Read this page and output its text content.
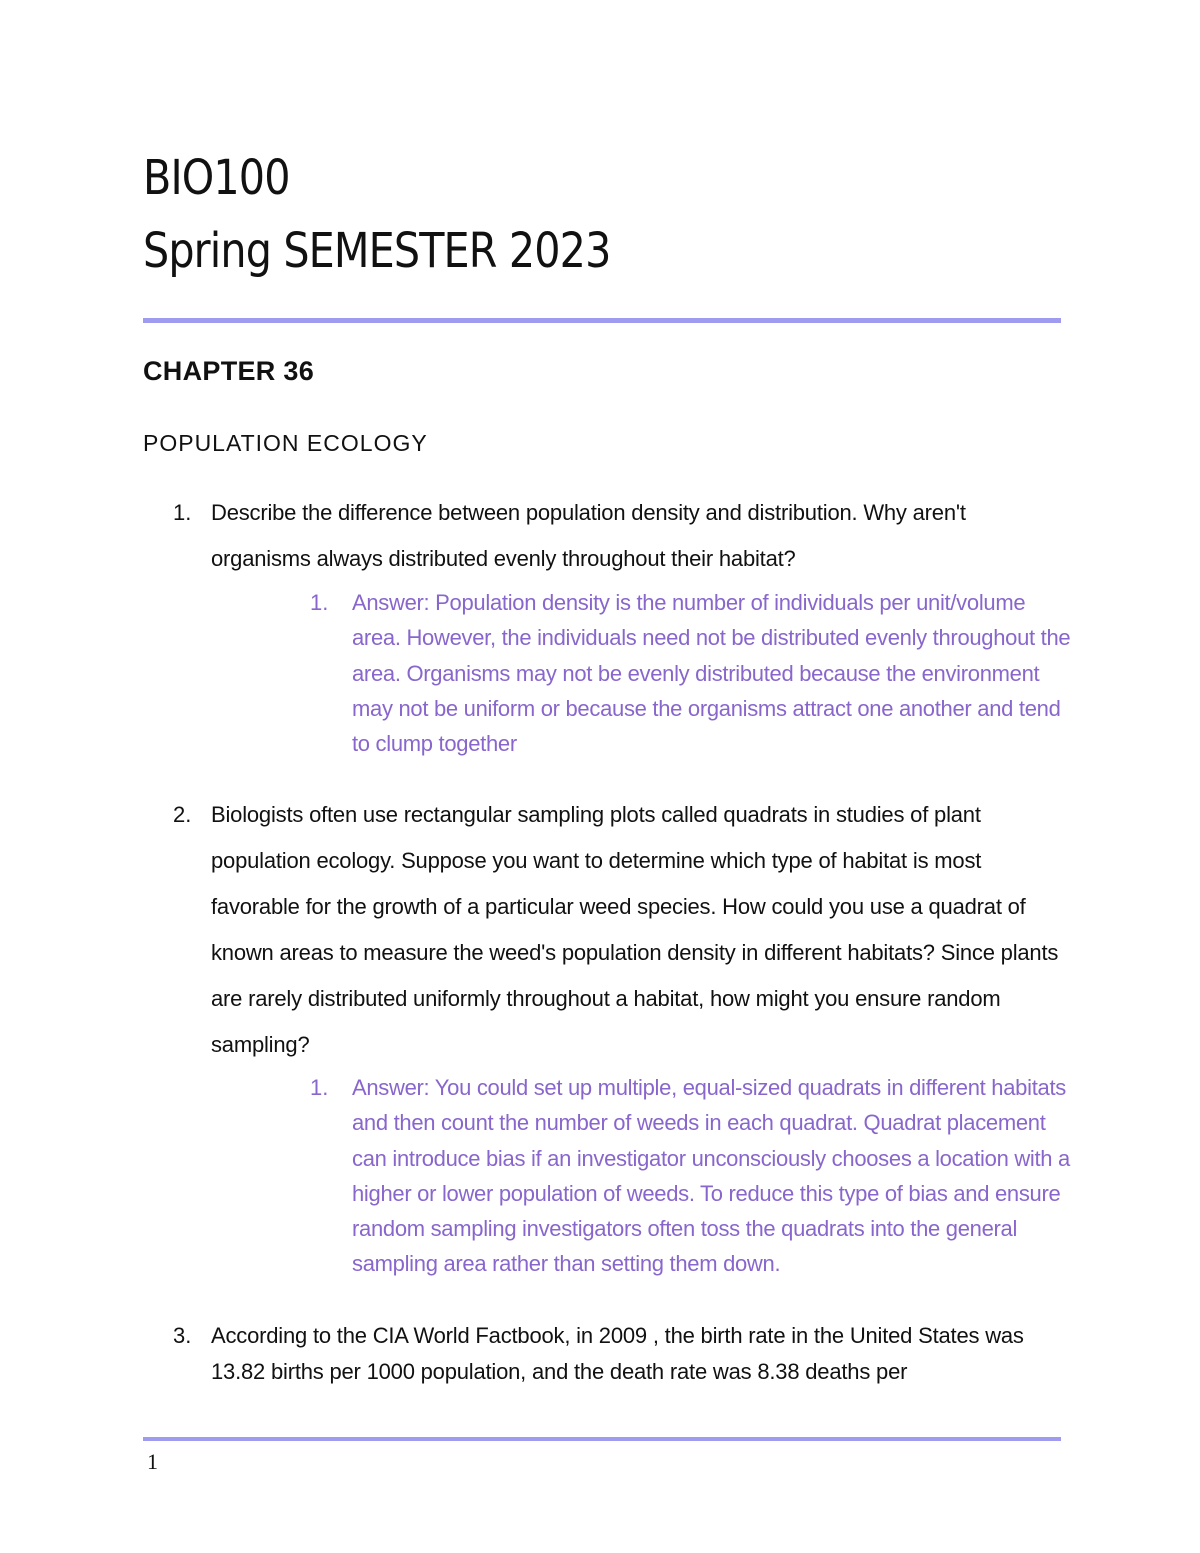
BIO100
Spring SEMESTER 2023
CHAPTER 36
POPULATION ECOLOGY
1. Describe the difference between population density and distribution. Why aren't organisms always distributed evenly throughout their habitat?
1. Answer: Population density is the number of individuals per unit/volume area. However, the individuals need not be distributed evenly throughout the area. Organisms may not be evenly distributed because the environment may not be uniform or because the organisms attract one another and tend to clump together
2. Biologists often use rectangular sampling plots called quadrats in studies of plant population ecology. Suppose you want to determine which type of habitat is most favorable for the growth of a particular weed species. How could you use a quadrat of known areas to measure the weed's population density in different habitats? Since plants are rarely distributed uniformly throughout a habitat, how might you ensure random sampling?
1. Answer: You could set up multiple, equal-sized quadrats in different habitats and then count the number of weeds in each quadrat. Quadrat placement can introduce bias if an investigator unconsciously chooses a location with a higher or lower population of weeds. To reduce this type of bias and ensure random sampling investigators often toss the quadrats into the general sampling area rather than setting them down.
3. According to the CIA World Factbook, in 2009 , the birth rate in the United States was 13.82 births per 1000 population, and the death rate was 8.38 deaths per
1
